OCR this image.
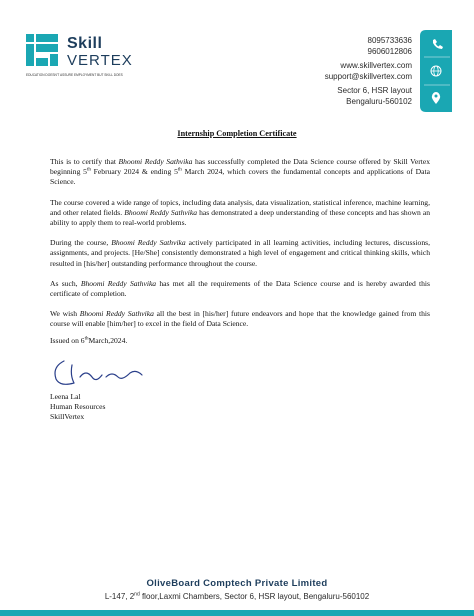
Skill
VERTEX
EDUCATION DOESN'T ASSURE EMPLOYMENT BUT SKILL DOES
8095733636
9606012806
www.skillvertex.com
support@skillvertex.com
Sector 6, HSR layout
Bengaluru-560102
Internship Completion Certificate

This is to certify that Bhoomi Reddy Sathvika has successfully completed the Data Science course offered by Skill Vertex beginning 5th February 2024 & ending 5th March 2024, which covers the fundamental concepts and applications of Data Science.

The course covered a wide range of topics, including data analysis, data visualization, statistical inference, machine learning, and other related fields. Bhoomi Reddy Sathvika has demonstrated a deep understanding of these concepts and has shown an ability to apply them to real-world problems.

During the course, Bhoomi Reddy Sathvika actively participated in all learning activities, including lectures, discussions, assignments, and projects. [He/She] consistently demonstrated a high level of engagement and critical thinking skills, which resulted in [his/her] outstanding performance throughout the course.

As such, Bhoomi Reddy Sathvika has met all the requirements of the Data Science course and is hereby awarded this certificate of completion.

We wish Bhoomi Reddy Sathvika all the best in [his/her] future endeavors and hope that the knowledge gained from this course will enable [him/her] to excel in the field of Data Science.

Issued on 6thMarch,2024.
Leena Lal
Human Resources
SkillVertex
OliveBoard Comptech Private Limited
L-147, 2nd floor,Laxmi Chambers, Sector 6, HSR layout, Bengaluru-560102
